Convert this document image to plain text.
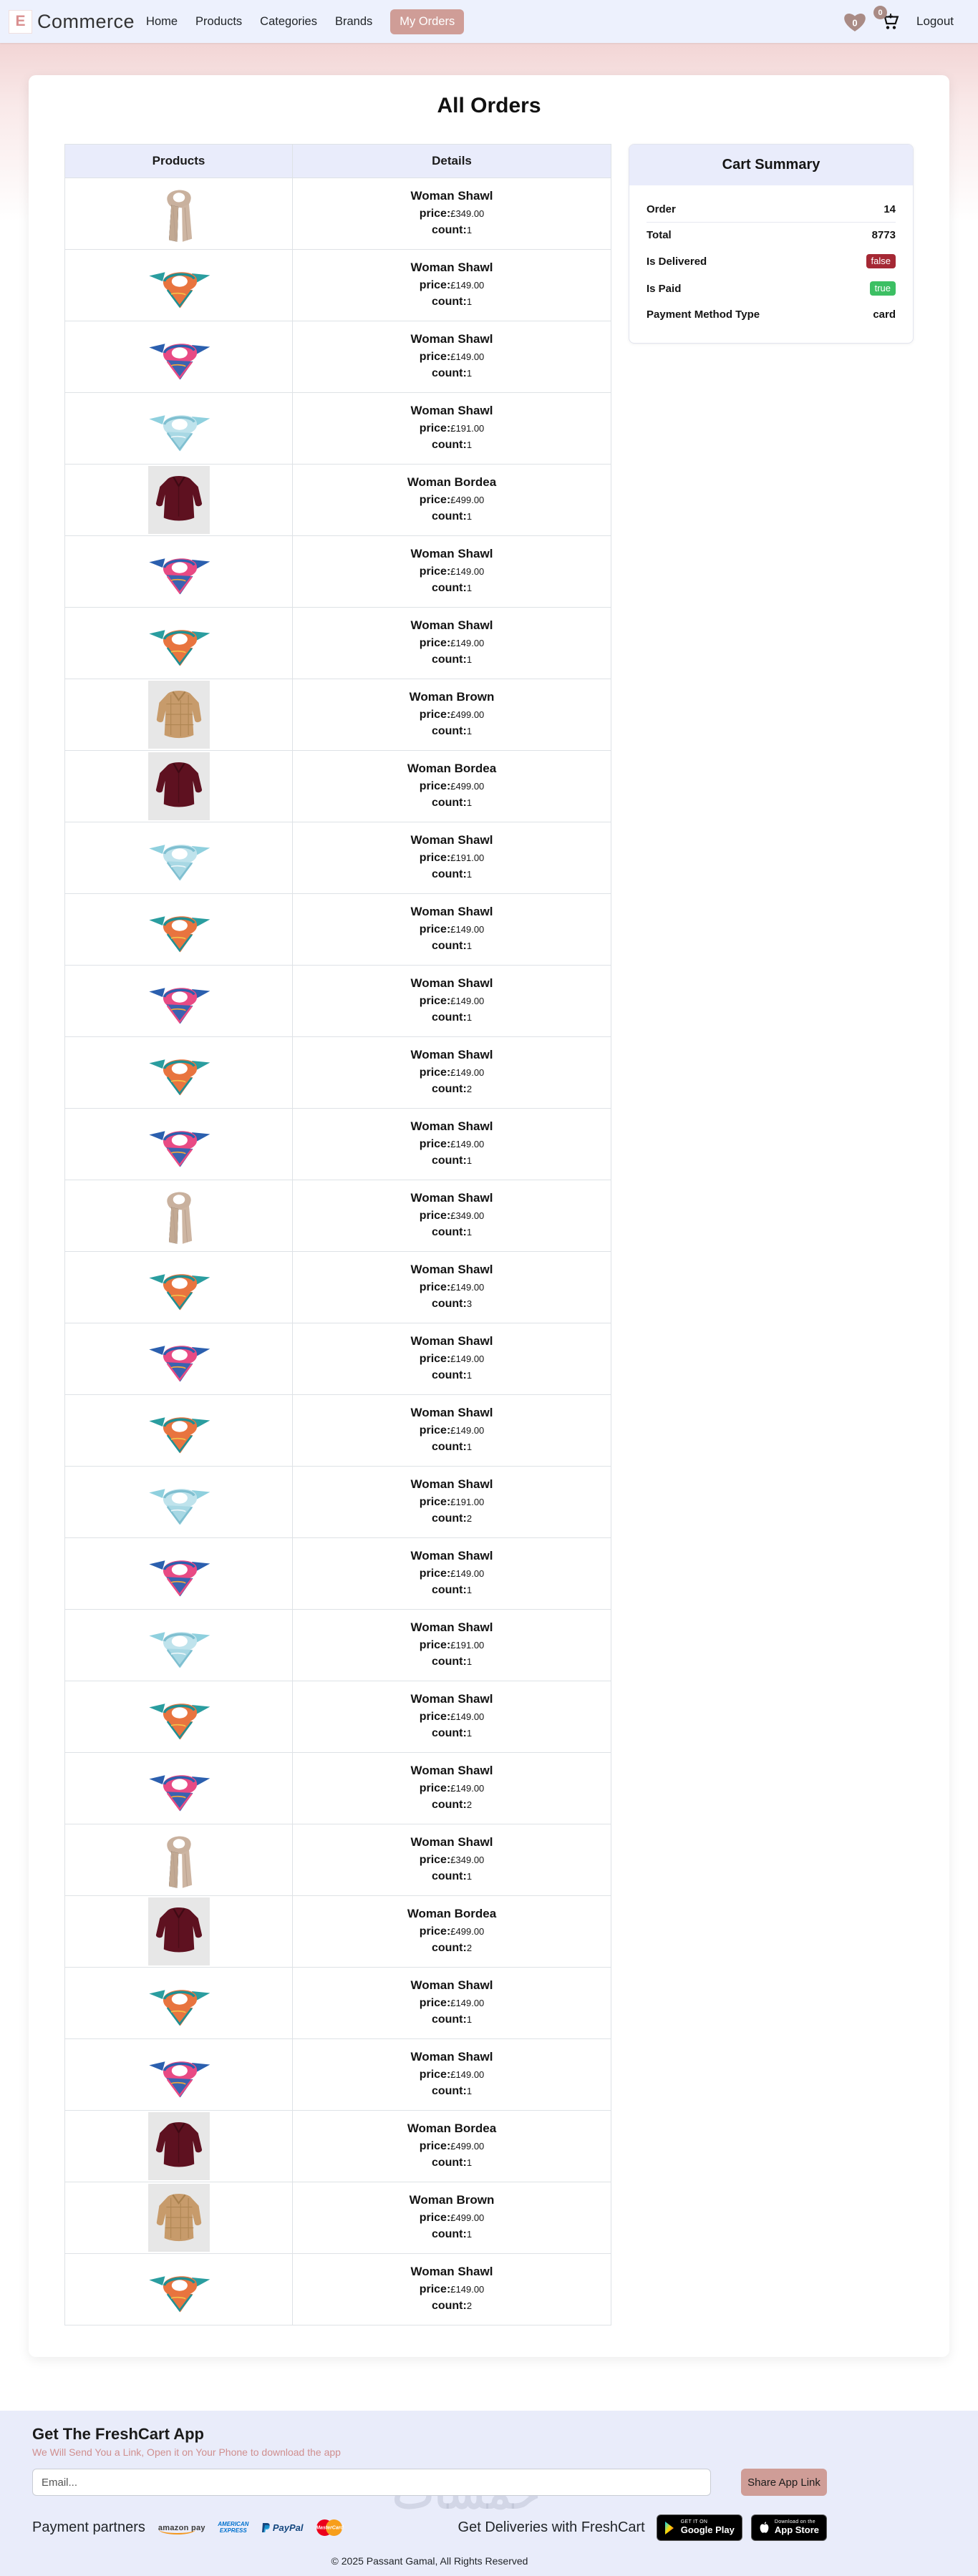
E Commerce Home Products Categories Brands	My Orders	0
0
Logout
All Orders
Products	Details

Woman Shawl
price:£349.00
count:1

Woman Shawl
price:£149.00
count:1

Woman Shawl
price:£149.00
count:1

Woman Shawl
price:£191.00
count:1

Woman Bordea
price:£499.00
count:1

Woman Shawl
price:£149.00
count:1

Woman Shawl
price:£149.00
count:1

Woman Brown
price:£499.00
count:1

Woman Bordea
price:£499.00
count:1

Woman Shawl
price:£191.00
count:1

Woman Shawl
price:£149.00
count:1

Woman Shawl
price:£149.00
count:1

Woman Shawl
price:£149.00
count:2

Woman Shawl
price:£149.00
count:1

Woman Shawl
price:£349.00
count:1

Woman Shawl
price:£149.00
count:3

Woman Shawl
price:£149.00
count:1

Woman Shawl
price:£149.00
count:1

Woman Shawl
price:£191.00
count:2

Woman Shawl
price:£149.00
count:1

Woman Shawl
price:£191.00
count:1

Woman Shawl
price:£149.00
count:1

Woman Shawl
price:£149.00
count:2

Woman Shawl
price:£349.00
count:1

Woman Bordea
price:£499.00
count:2

Woman Shawl
price:£149.00
count:1

Woman Shawl
price:£149.00
count:1

Woman Bordea
price:£499.00
count:1

Woman Brown
price:£499.00
count:1

Woman Shawl
price:£149.00
count:2
Cart Summary
Order	14
Total	8773
Is Delivered	false
Is Paid	true
Payment Method Type	card
Get The FreshCart App
We Will Send You a Link, Open it on Your Phone to download the app
Email...
Share App Link
Payment partners amazon pay	AMERICAN EXPRESS	PayPal	MasterCard	Get Deliveries with FreshCart	GET IT ON
Google Play
Download on the
App Store
© 2025 Passant Gamal, All Rights Reserved
